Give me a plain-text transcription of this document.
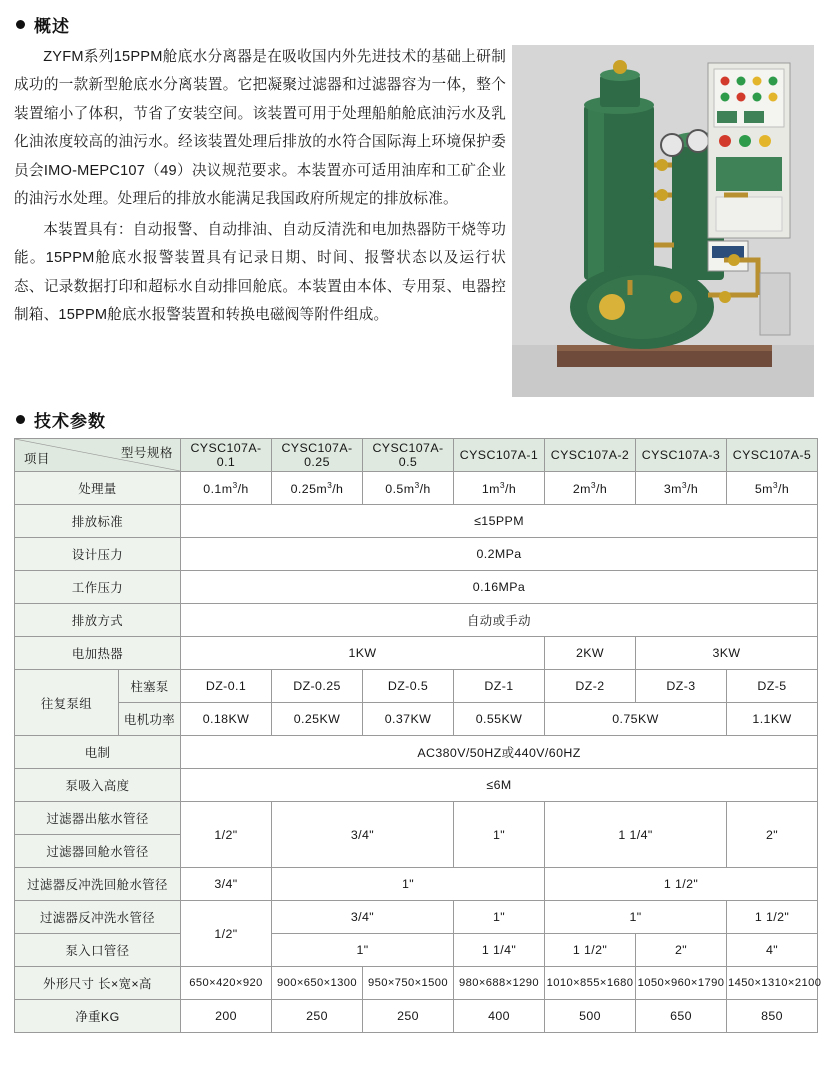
概述

ZYFM系列15PPM舱底水分离器是在吸收国内外先进技术的基础上研制成功的一款新型舱底水分离装置。它把凝聚过滤器和过滤器容为一体，整个装置缩小了体积，节省了安装空间。该装置可用于处理船舶舱底油污水及乳化油浓度较高的油污水。经该装置处理后排放的水符合国际海上环境保护委员会IMO-MEPC107（49）决议规范要求。本装置亦可适用油库和工矿企业的油污水处理。处理后的排放水能满足我国政府所规定的排放标准。

本装置具有：自动报警、自动排油、自动反清洗和电加热器防干烧等功能。15PPM舱底水报警装置具有记录日期、时间、报警状态以及运行状态、记录数据打印和超标水自动排回舱底。本装置由本体、专用泵、电器控制箱、15PPM舱底水报警装置和转换电磁阀等附件组成。

技术参数
型号规格
项目		CYSC107A-0.1	CYSC107A-0.25	CYSC107A-0.5	CYSC107A-1	CYSC107A-2	CYSC107A-3	CYSC107A-5
处理量		$0.1m^3/h$	$0.25m^3/h$	$0.5m^3/h$	$1m^3/h$	$2m^3/h$	$3m^3/h$	$5m^3/h$
排放标准		≤15PPM						
设计压力		0.2MPa						
工作压力		0.16MPa						
排放方式		自动或手动						
电加热器		1KW				2KW	3KW	
往复泵组	柱塞泵	DZ-0.1	DZ-0.25	DZ-0.5	DZ-1	DZ-2	DZ-3	DZ-5
	电机功率	0.18KW	0.25KW	0.37KW	0.55KW	0.75KW		1.1KW
电制		AC380V/50HZ或440V/60HZ						
泵吸入高度		≤6M						
过滤器出舷水管径		1/2"	3/4"		1"	1 1/4"		2"
过滤器回舱水管径								
过滤器反冲洗回舱水管径		3/4"	1"			1 1/2"		
过滤器反冲洗水管径		1/2"	3/4"		1"	1"		1 1/2"
泵入口管径			1"		1 1/4"	1 1/2"	2"	4"
外形尺寸 长×宽×高		650×420×920	900×650×1300	950×750×1500	980×688×1290	1010×855×1680	1050×960×1790	1450×1310×2100
净重KG		200	250	250	400	500	650	850
